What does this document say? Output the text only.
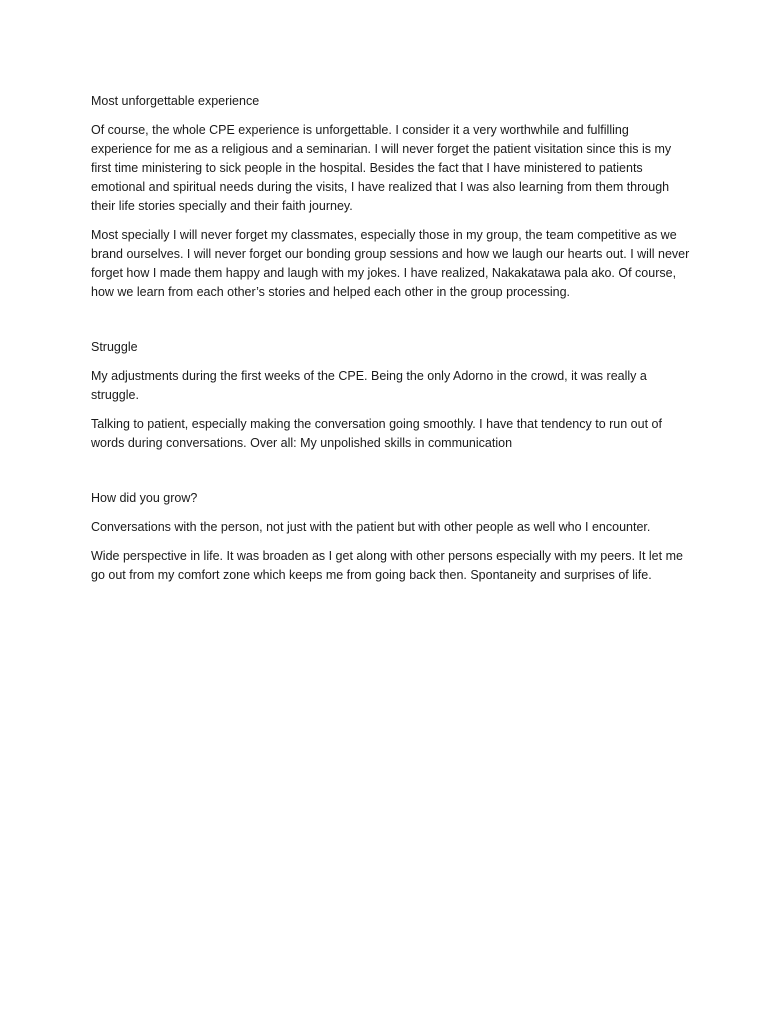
Most unforgettable experience

Of course, the whole CPE experience is unforgettable. I consider it a very worthwhile and fulfilling experience for me as a religious and a seminarian. I will never forget the patient visitation since this is my first time ministering to sick people in the hospital. Besides the fact that I have ministered to patients emotional and spiritual needs during the visits, I have realized that I was also learning from them through their life stories specially and their faith journey.

Most specially I will never forget my classmates, especially those in my group, the team competitive as we brand ourselves. I will never forget our bonding group sessions and how we laugh our hearts out. I will never forget how I made them happy and laugh with my jokes. I have realized, Nakakatawa pala ako. Of course, how we learn from each other’s stories and helped each other in the group processing.

Struggle

My adjustments during the first weeks of the CPE. Being the only Adorno in the crowd, it was really a struggle.

Talking to patient, especially making the conversation going smoothly. I have that tendency to run out of words during conversations. Over all: My unpolished skills in communication

How did you grow?

Conversations with the person, not just with the patient but with other people as well who I encounter.

Wide perspective in life. It was broaden as I get along with other persons especially with my peers. It let me go out from my comfort zone which keeps me from going back then. Spontaneity and surprises of life.
